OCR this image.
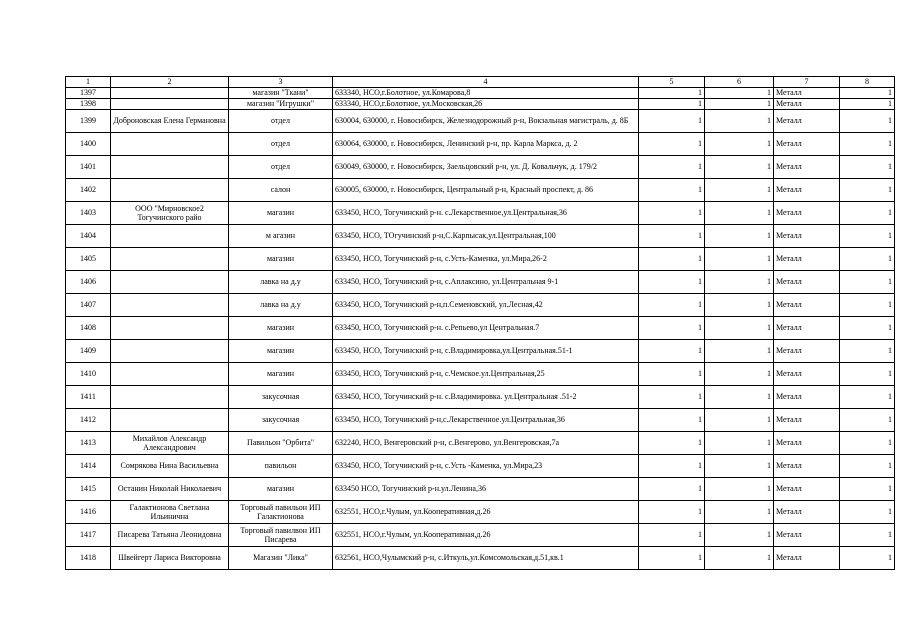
1	2	3	4	5	6	7	8
1397		магазин "Ткани"	633340, НСО,г.Болотное, ул.Комарова,8	1	1	Металл	1
1398		магазин "Игрушки"	633340, НСО,г.Болотное, ул.Московская,26	1	1	Металл	1
1399	Доброновская Елена Германовна	отдел	630004, 630000, г. Новосибирск, Железнодорожный р-н, Вокзальная магистраль, д. 8Б	1	1	Металл	1
1400		отдел	630064, 630000, г. Новосибирск, Ленинский р-н, пр. Карла Маркса, д. 2	1	1	Металл	1
1401		отдел	630049, 630000, г. Новосибирск, Заельцовский р-н, ул. Д. Ковальчук, д. 179/2	1	1	Металл	1
1402		салон	630005, 630000, г. Новосибирск, Центральный р-н, Красный проспект, д. 86	1	1	Металл	1
1403	ООО "Мирновское2 Тогучинского райо	магазин	633450, НСО, Тогучинский р-н. с.Лекарственное,ул.Центральная,36	1	1	Металл	1
1404		м агазин	633450, НСО, ТОгучинский р-н,С.Карпысак,ул.Центральная,100	1	1	Металл	1
1405		магазин	633450, НСО, Тогучинский р-н, с.Усть-Каменка, ул.Мира,26-2	1	1	Металл	1
1406		лавка на д.у	633450, НСО, Тогучинский р-н, с.Аплаксино, ул.Центральная 9-1	1	1	Металл	1
1407		лавка на д.у	633450, НСО, Тогучинский р-н,п.Семеновский, ул.Лесная,42	1	1	Металл	1
1408		магазин	633450, НСО, Тогучинский р-н. с.Репьево,ул Центральная.7	1	1	Металл	1
1409		магазин	633450, НСО, Тогучинский р-н, с.Владимировка,ул.Центральная.51-1	1	1	Металл	1
1410		магазин	633450, НСО, Тогучинский р-н, с.Чемское.ул.Центральная,25	1	1	Металл	1
1411		закусочная	633450, НСО, Тогучинский р-н. с.Владимировка. ул.Центральная .51-2	1	1	Металл	1
1412		закусочная	633450, НСО, Тогучинский р-н,с.Лекарственное.ул.Центральная,36	1	1	Металл	1
1413	Михайлов Александр Александрович	Павильон "Орбита"	632240, НСО, Венгеровский р-н, с.Венгерово, ул.Венгеровская,7а	1	1	Металл	1
1414	Сомрякова Нина Васильевна	павильон	633450, НСО, Тогучинский р-н, с.Усть -Каменка, ул.Мира,23	1	1	Металл	1
1415	Останин Николай Николаевич	магазин	633450 НСО, Тогучинский р-н.ул.Ленина,36	1	1	Металл	1
1416	Галактионова Светлана Ильинична	Торговый павильон ИП Галактионова	632551, НСО,г.Чулым, ул.Кооперативная,д.26	1	1	Металл	1
1417	Писарева Татьяна Леонидовна	Торговый павилвон ИП Писарева	632551, НСО,г.Чулым, ул.Кооперативная,д.26	1	1	Металл	1
1418	Швейгерт Лариса Викторовна	Магазин "Лика"	632561, НСО,Чулымский р-н, с.Иткуль,ул.Комсомольская,д.51,кв.1	1	1	Металл	1
